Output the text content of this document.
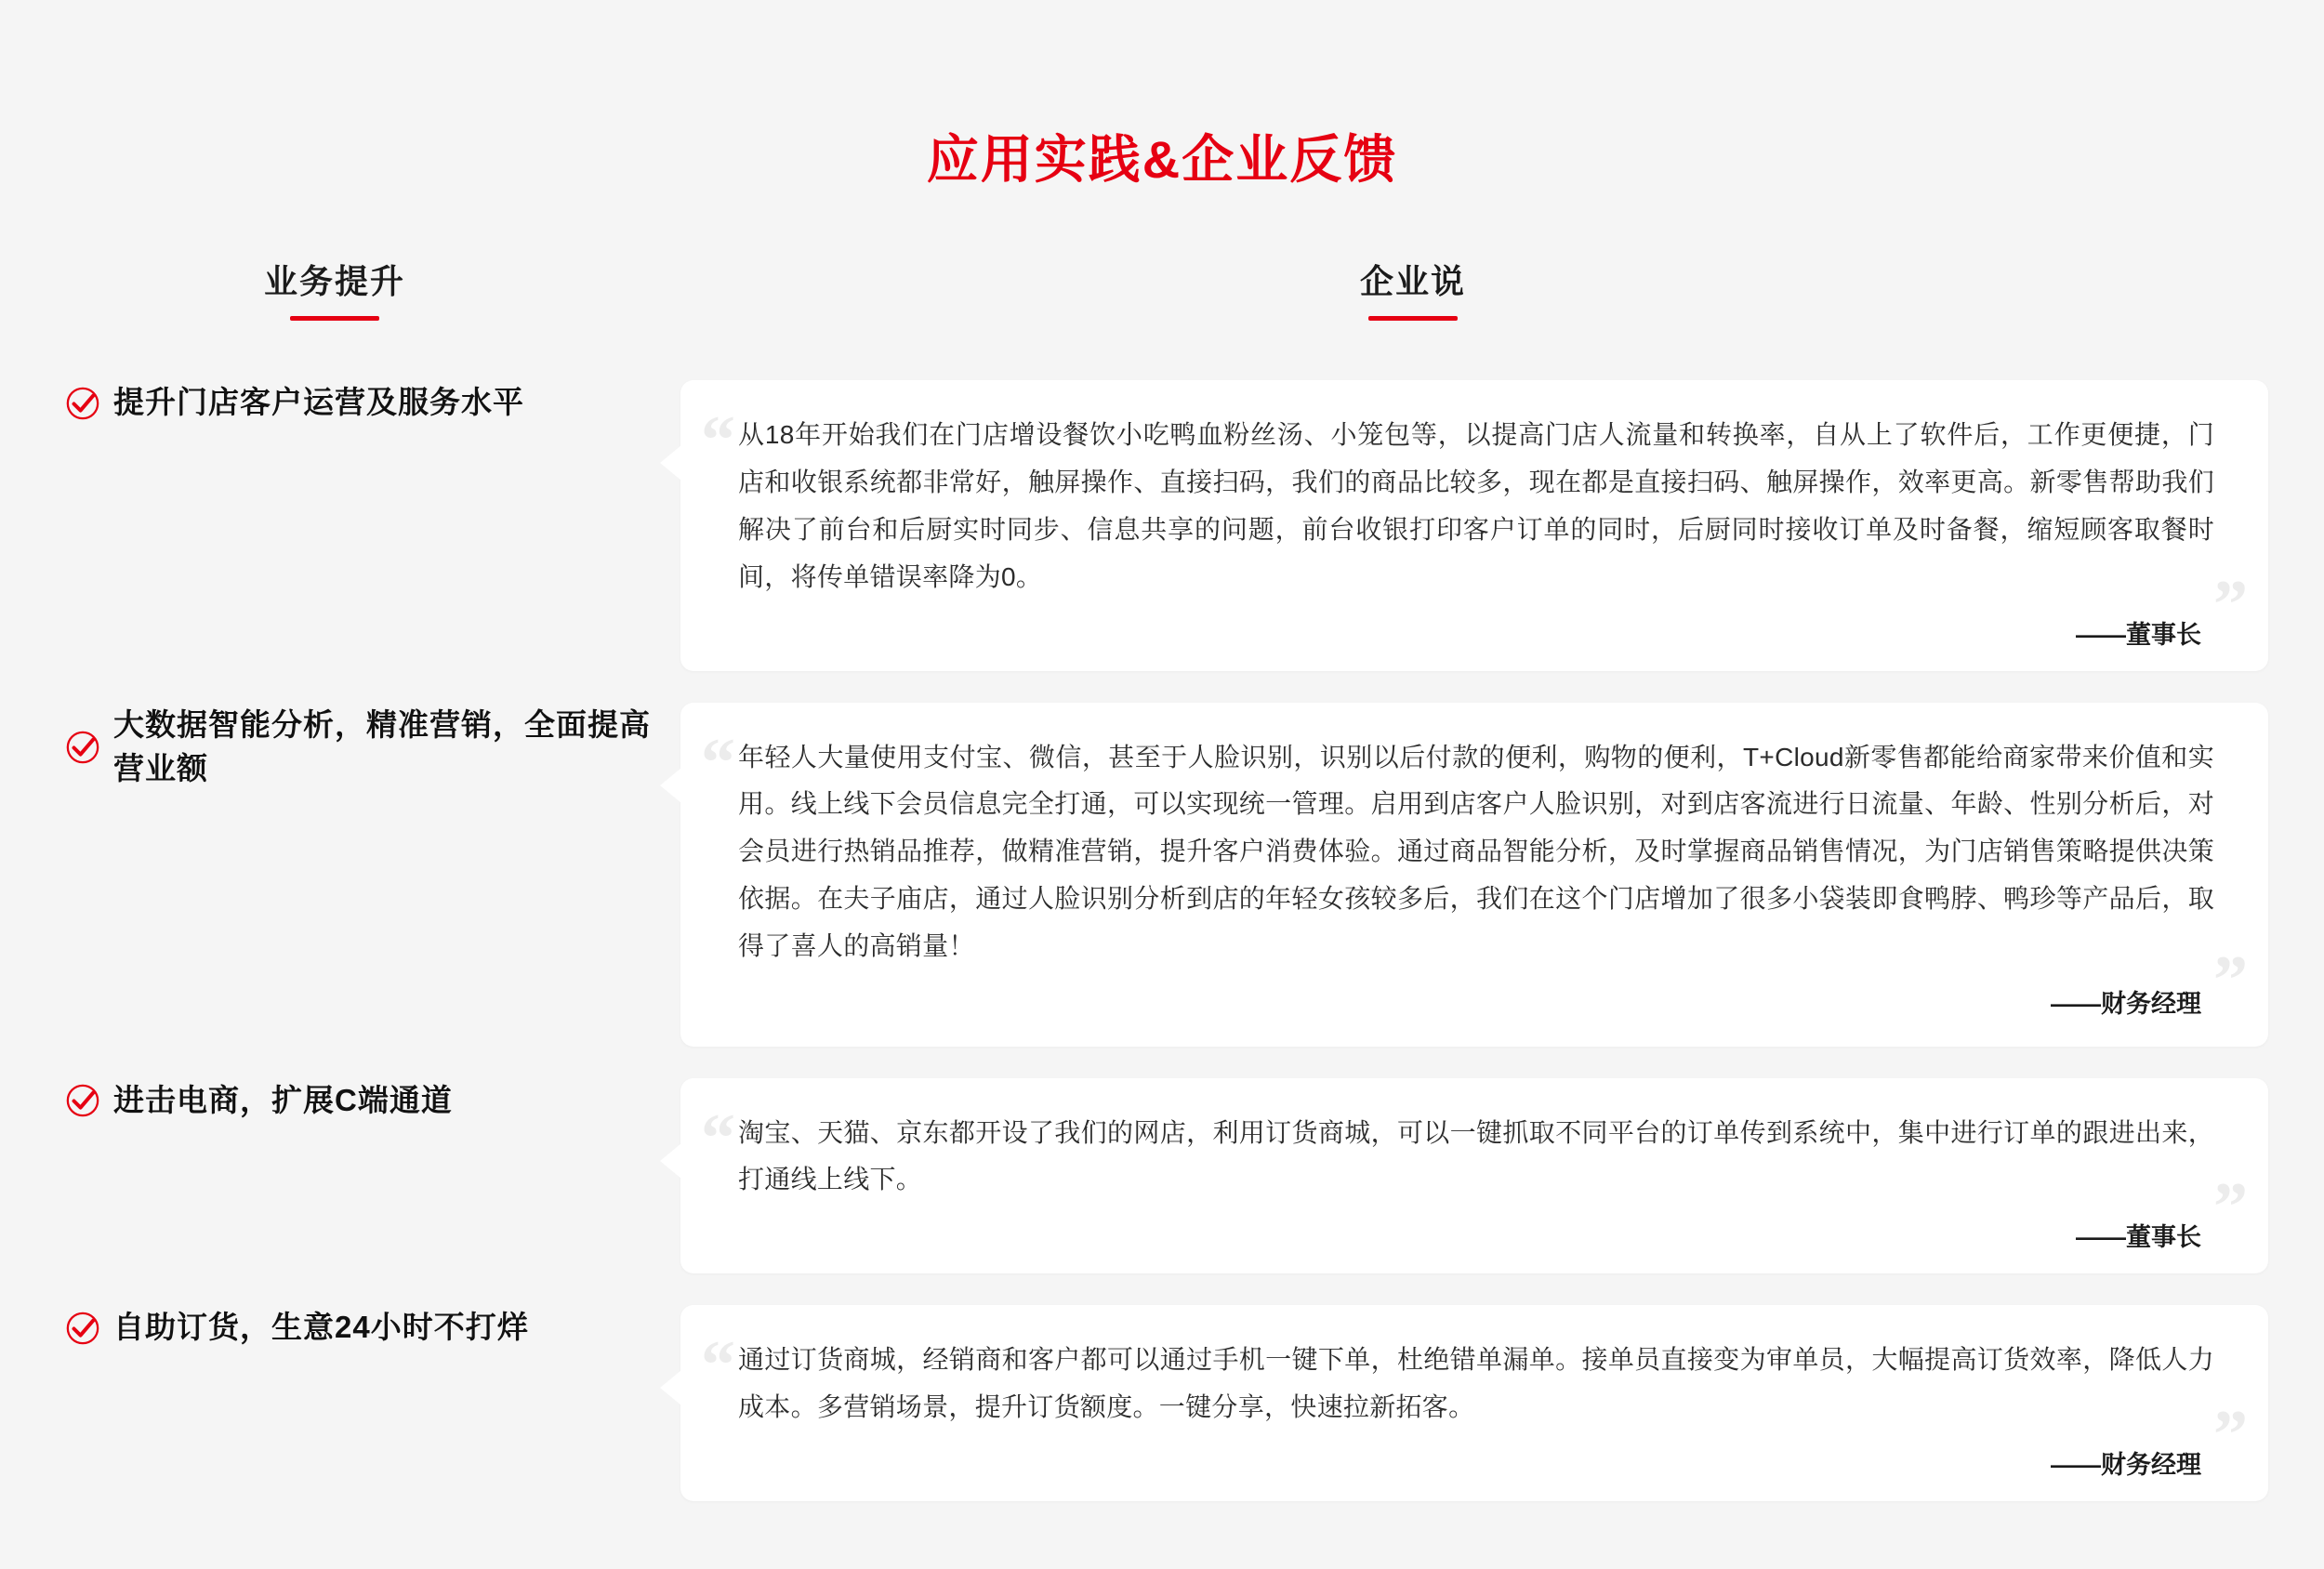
应用实践&企业反馈
业务提升	企业说
提升门店客户运营及服务水平
“
”
从18年开始我们在门店增设餐饮小吃鸭血粉丝汤、小笼包等，以提高门店人流量和转换率，自从上了软件后，工作更便捷，门店和收银系统都非常好，触屏操作、直接扫码，我们的商品比较多，现在都是直接扫码、触屏操作，效率更高。新零售帮助我们解决了前台和后厨实时同步、信息共享的问题，前台收银打印客户订单的同时，后厨同时接收订单及时备餐，缩短顾客取餐时间，将传单错误率降为0。
——董事长
大数据智能分析，精准营销，全面提高营业额	“
”
年轻人大量使用支付宝、微信，甚至于人脸识别，识别以后付款的便利，购物的便利，T+Cloud新零售都能给商家带来价值和实用。线上线下会员信息完全打通，可以实现统一管理。启用到店客户人脸识别，对到店客流进行日流量、年龄、性别分析后，对会员进行热销品推荐，做精准营销，提升客户消费体验。通过商品智能分析，及时掌握商品销售情况，为门店销售策略提供决策依据。在夫子庙店，通过人脸识别分析到店的年轻女孩较多后，我们在这个门店增加了很多小袋装即食鸭脖、鸭珍等产品后，取得了喜人的高销量！
——财务经理
进击电商，扩展C端通道
“
”
淘宝、天猫、京东都开设了我们的网店，利用订货商城，可以一键抓取不同平台的订单传到系统中，集中进行订单的跟进出来，打通线上线下。
——董事长
自助订货，生意24小时不打烊
“
”
通过订货商城，经销商和客户都可以通过手机一键下单，杜绝错单漏单。接单员直接变为审单员，大幅提高订货效率，降低人力成本。多营销场景，提升订货额度。一键分享，快速拉新拓客。
——财务经理
